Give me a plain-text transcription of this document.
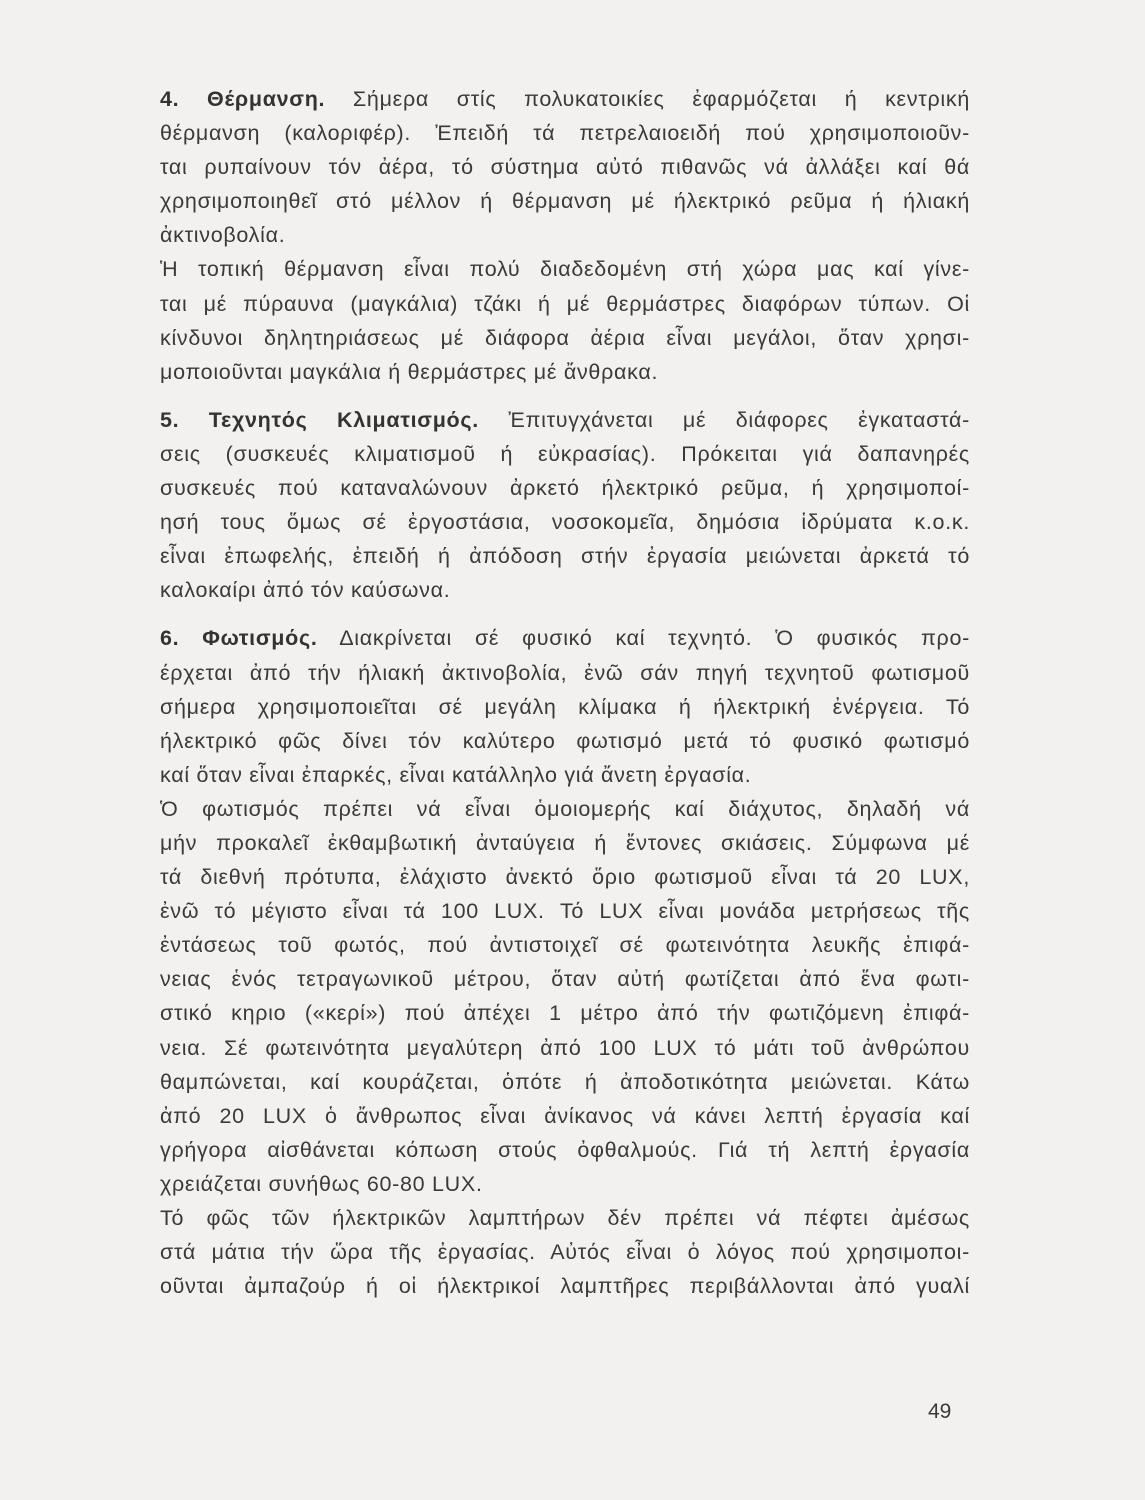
4. Θέρμανση. Σήμερα στίς πολυκατοικίες ἐφαρμόζεται ή κεντρική
θέρμανση (καλοριφέρ). Ἐπειδή τά πετρελαιοειδή πού χρησιμοποιοῦν-
ται ρυπαίνουν τόν ἀέρα, τό σύστημα αὐτό πιθανῶς νά ἀλλάξει καί θά
χρησιμοποιηθεῖ στό μέλλον ή θέρμανση μέ ήλεκτρικό ρεῦμα ή ήλιακή
ἀκτινοβολία.

Ἡ τοπική θέρμανση εἶναι πολύ διαδεδομένη στή χώρα μας καί γίνε-
ται μέ πύραυνα (μαγκάλια) τζάκι ή μέ θερμάστρες διαφόρων τύπων. Οἱ
κίνδυνοι δηλητηριάσεως μέ διάφορα ἀέρια εἶναι μεγάλοι, ὅταν χρησι-
μοποιοῦνται μαγκάλια ή θερμάστρες μέ ἄνθρακα.

5. Τεχνητός Κλιματισμός. Ἐπιτυγχάνεται μέ διάφορες ἐγκαταστά-
σεις (συσκευές κλιματισμοῦ ή εὐκρασίας). Πρόκειται γιά δαπανηρές
συσκευές πού καταναλώνουν ἀρκετό ήλεκτρικό ρεῦμα, ή χρησιμοποί-
ησή τους ὅμως σέ ἐργοστάσια, νοσοκομεῖα, δημόσια ἱδρύματα κ.ο.κ.
εἶναι ἐπωφελής, ἐπειδή ή ἀπόδοση στήν ἐργασία μειώνεται ἀρκετά τό
καλοκαίρι ἀπό τόν καύσωνα.

6. Φωτισμός. Διακρίνεται σέ φυσικό καί τεχνητό. Ὁ φυσικός προ-
έρχεται ἀπό τήν ήλιακή ἀκτινοβολία, ἐνῶ σάν πηγή τεχνητοῦ φωτισμοῦ
σήμερα χρησιμοποιεῖται σέ μεγάλη κλίμακα ή ήλεκτρική ἐνέργεια. Τό
ήλεκτρικό φῶς δίνει τόν καλύτερο φωτισμό μετά τό φυσικό φωτισμό
καί ὅταν εἶναι ἐπαρκές, εἶναι κατάλληλο γιά ἄνετη ἐργασία.

Ὁ φωτισμός πρέπει νά εἶναι ὁμοιομερής καί διάχυτος, δηλαδή νά
μήν προκαλεῖ ἐκθαμβωτική ἀνταύγεια ή ἔντονες σκιάσεις. Σύμφωνα μέ
τά διεθνή πρότυπα, ἐλάχιστο ἀνεκτό ὅριο φωτισμοῦ εἶναι τά 20 LUX,
ἐνῶ τό μέγιστο εἶναι τά 100 LUX. Τό LUX εἶναι μονάδα μετρήσεως τῆς
ἐντάσεως τοῦ φωτός, πού ἀντιστοιχεῖ σέ φωτεινότητα λευκῆς ἐπιφά-
νειας ἑνός τετραγωνικοῦ μέτρου, ὅταν αὐτή φωτίζεται ἀπό ἕνα φωτι-
στικό κηριο («κερί») πού ἀπέχει 1 μέτρο ἀπό τήν φωτιζόμενη ἐπιφά-
νεια. Σέ φωτεινότητα μεγαλύτερη ἀπό 100 LUX τό μάτι τοῦ ἀνθρώπου
θαμπώνεται, καί κουράζεται, ὁπότε ή ἀποδοτικότητα μειώνεται. Κάτω
ἀπό 20 LUX ὁ ἄνθρωπος εἶναι ἀνίκανος νά κάνει λεπτή ἐργασία καί
γρήγορα αἰσθάνεται κόπωση στούς ὀφθαλμούς. Γιά τή λεπτή ἐργασία
χρειάζεται συνήθως 60-80 LUX.

Τό φῶς τῶν ήλεκτρικῶν λαμπτήρων δέν πρέπει νά πέφτει ἀμέσως
στά μάτια τήν ὥρα τῆς ἐργασίας. Αὐτός εἶναι ὁ λόγος πού χρησιμοποι-
οῦνται ἀμπαζούρ ή οἱ ήλεκτρικοί λαμπτῆρες περιβάλλονται ἀπό γυαλί

49
